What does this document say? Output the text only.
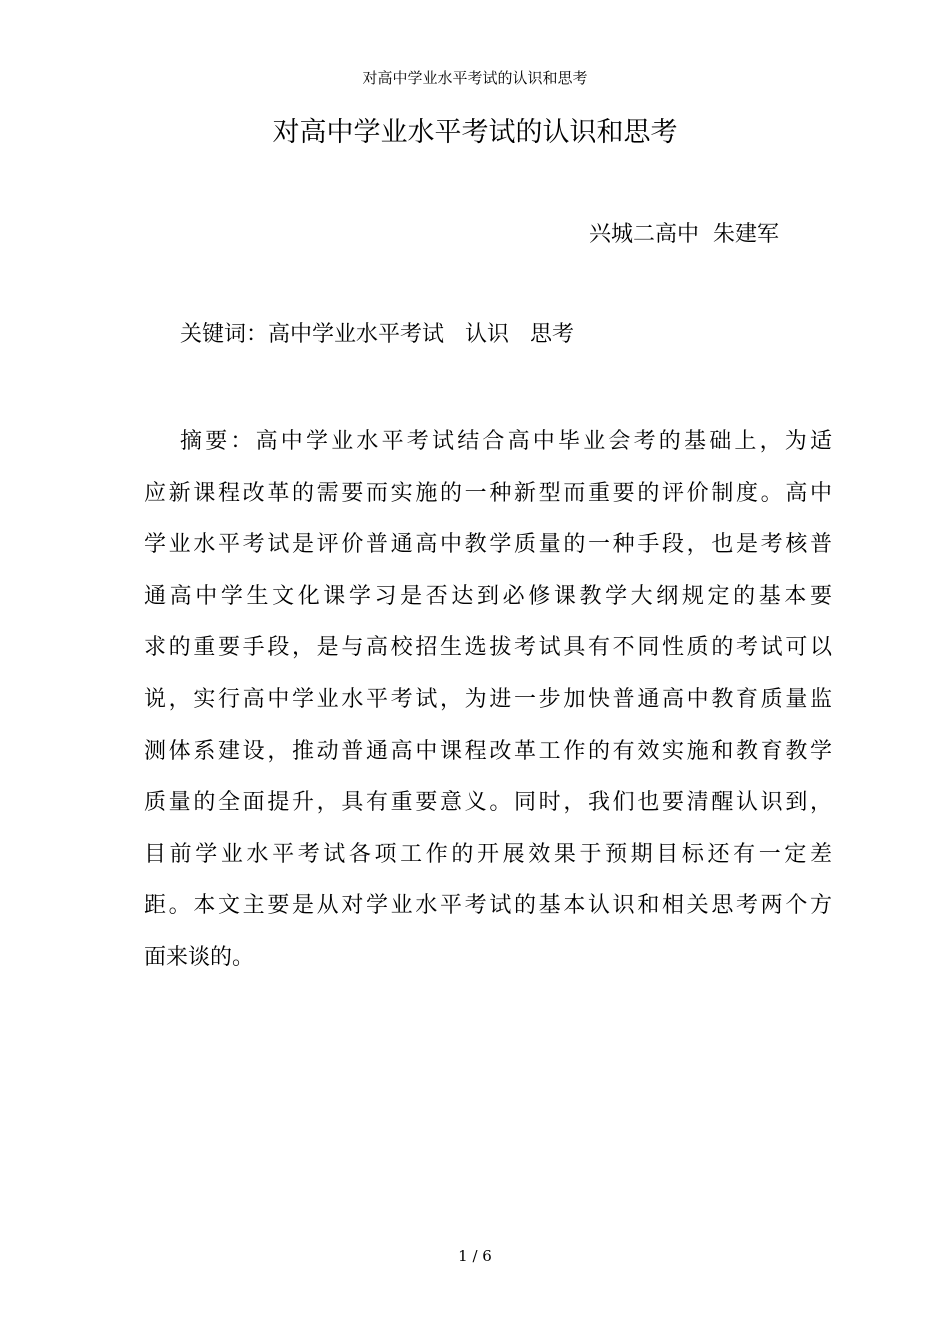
对高中学业水平考试的认识和思考
对高中学业水平考试的认识和思考
兴城二高中  朱建军
关键词：高中学业水平考试   认识   思考
摘要：高中学业水平考试结合高中毕业会考的基础上，为适
应新课程改革的需要而实施的一种新型而重要的评价制度。高中
学业水平考试是评价普通高中教学质量的一种手段，也是考核普
通高中学生文化课学习是否达到必修课教学大纲规定的基本要
求的重要手段，是与高校招生选拔考试具有不同性质的考试可以
说，实行高中学业水平考试，为进一步加快普通高中教育质量监
测体系建设，推动普通高中课程改革工作的有效实施和教育教学
质量的全面提升，具有重要意义。同时，我们也要清醒认识到，
目前学业水平考试各项工作的开展效果于预期目标还有一定差
距。本文主要是从对学业水平考试的基本认识和相关思考两个方
面来谈的。
1 / 6
